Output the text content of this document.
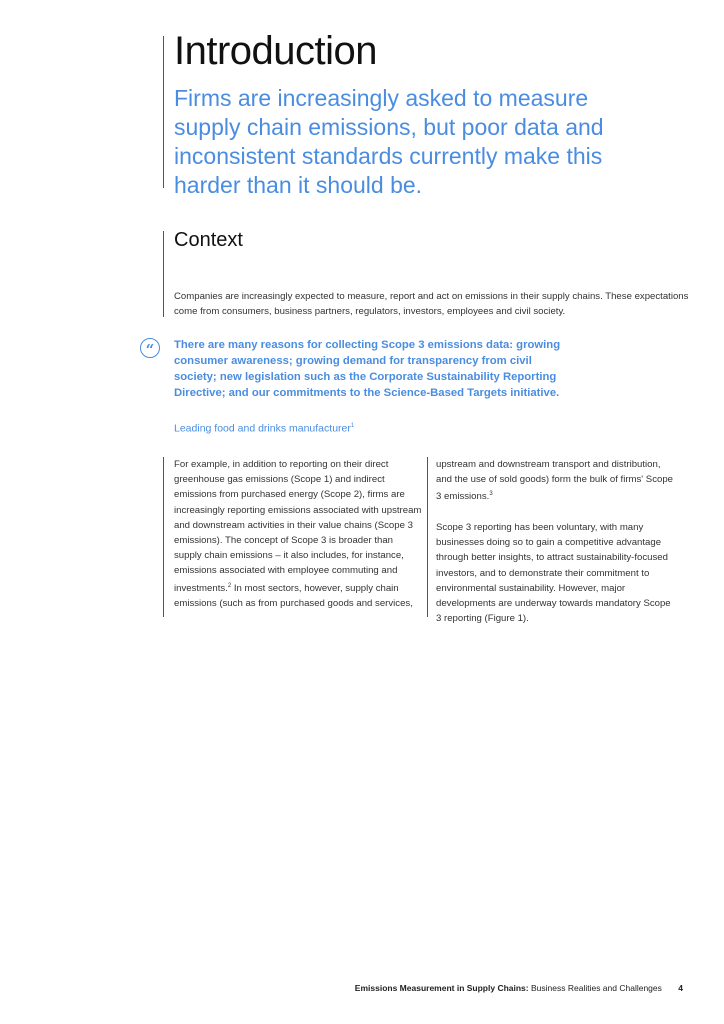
Introduction

Firms are increasingly asked to measure supply chain emissions, but poor data and inconsistent standards currently make this harder than it should be.

Context

Companies are increasingly expected to measure, report and act on emissions in their supply chains. These expectations come from consumers, business partners, regulators, investors, employees and civil society.

“	There are many reasons for collecting Scope 3 emissions data: growing consumer awareness; growing demand for transparency from civil society; new legislation such as the Corporate Sustainability Reporting Directive; and our commitments to the Science-Based Targets initiative.

Leading food and drinks manufacturer$^1$

For example, in addition to reporting on their direct greenhouse gas emissions (Scope 1) and indirect emissions from purchased energy (Scope 2), firms are increasingly reporting emissions associated with upstream and downstream activities in their value chains (Scope 3 emissions). The concept of Scope 3 is broader than supply chain emissions – it also includes, for instance, emissions associated with employee commuting and investments.$^2$ In most sectors, however, supply chain emissions (such as from purchased goods and services,

upstream and downstream transport and distribution, and the use of sold goods) form the bulk of firms' Scope 3 emissions.$^3$

Scope 3 reporting has been voluntary, with many businesses doing so to gain a competitive advantage through better insights, to attract sustainability-focused investors, and to demonstrate their commitment to environmental sustainability. However, major developments are underway towards mandatory Scope 3 reporting (Figure 1).

Emissions Measurement in Supply Chains: Business Realities and Challenges 4
